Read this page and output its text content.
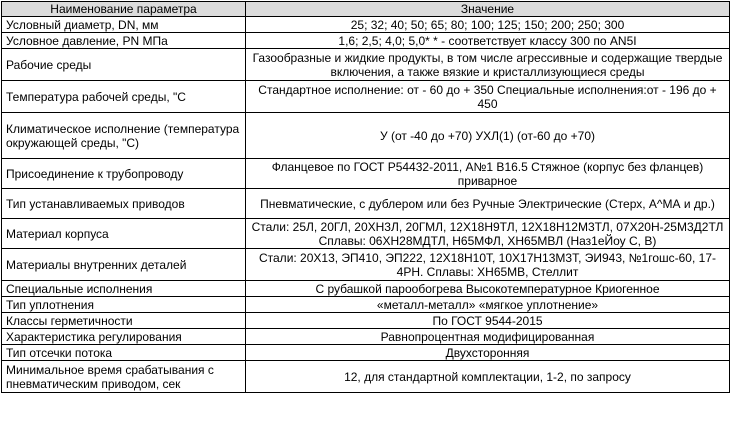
Наименование параметра	Значение
Условный диаметр, DN, мм	25; 32; 40; 50; 65; 80; 100; 125; 150; 200; 250; 300
Условное давление, PN МПа	1,6; 2,5; 4,0; 5,0* * - соответствует классу 300 по AN5I
Рабочие среды	Газообразные и жидкие продукты, в том числе агрессивные и содержащие твердые включения, а также вязкие и кристаллизующиеся среды
Температура рабочей среды, "С	Стандартное исполнение: от - 60 до + 350 Специальные исполнения:от - 196 до + 450
Климатическое исполнение (температура окружающей среды, "С)	У (от -40 до +70) УХЛ(1) (от-60 до +70)
Присоединение к трубопроводу	Фланцевое по ГОСТ Р54432-2011, А№1 В16.5 Стяжное (корпус без фланцев) приварное
Тип устанавливаемых приводов	Пневматические, с дублером или без Ручные Электрические (Стерх, А^МА и др.)
Материал корпуса	Стали: 25Л, 20ГЛ, 20ХН3Л, 20ГМЛ, 12Х18Н9ТЛ, 12Х18Н12М3ТЛ, 07Х20Н-25М3Д2ТЛ Сплавы: 06ХН28МДТЛ, Н65МФЛ, ХН65МВЛ (Наз1еЙоу С, В)
Материалы внутренних деталей	Стали: 20Х13, ЭП410, ЭП222, 12Х18Н10Т, 10Х17Н13М3Т, ЭИ943, №1гошс-60, 17-4РН. Сплавы: ХН65МВ, Стеллит
Специальные исполнения	С рубашкой парообогрева Высокотемпературное Криогенное
Тип уплотнения	«металл-металл» «мягкое уплотнение»
Классы герметичности	По ГОСТ 9544-2015
Характеристика регулирования	Равнопроцентная модифицированная
Тип отсечки потока	Двухсторонняя
Минимальное время срабатывания с пневматическим приводом, сек	12, для стандартной комплектации, 1-2, по запросу
